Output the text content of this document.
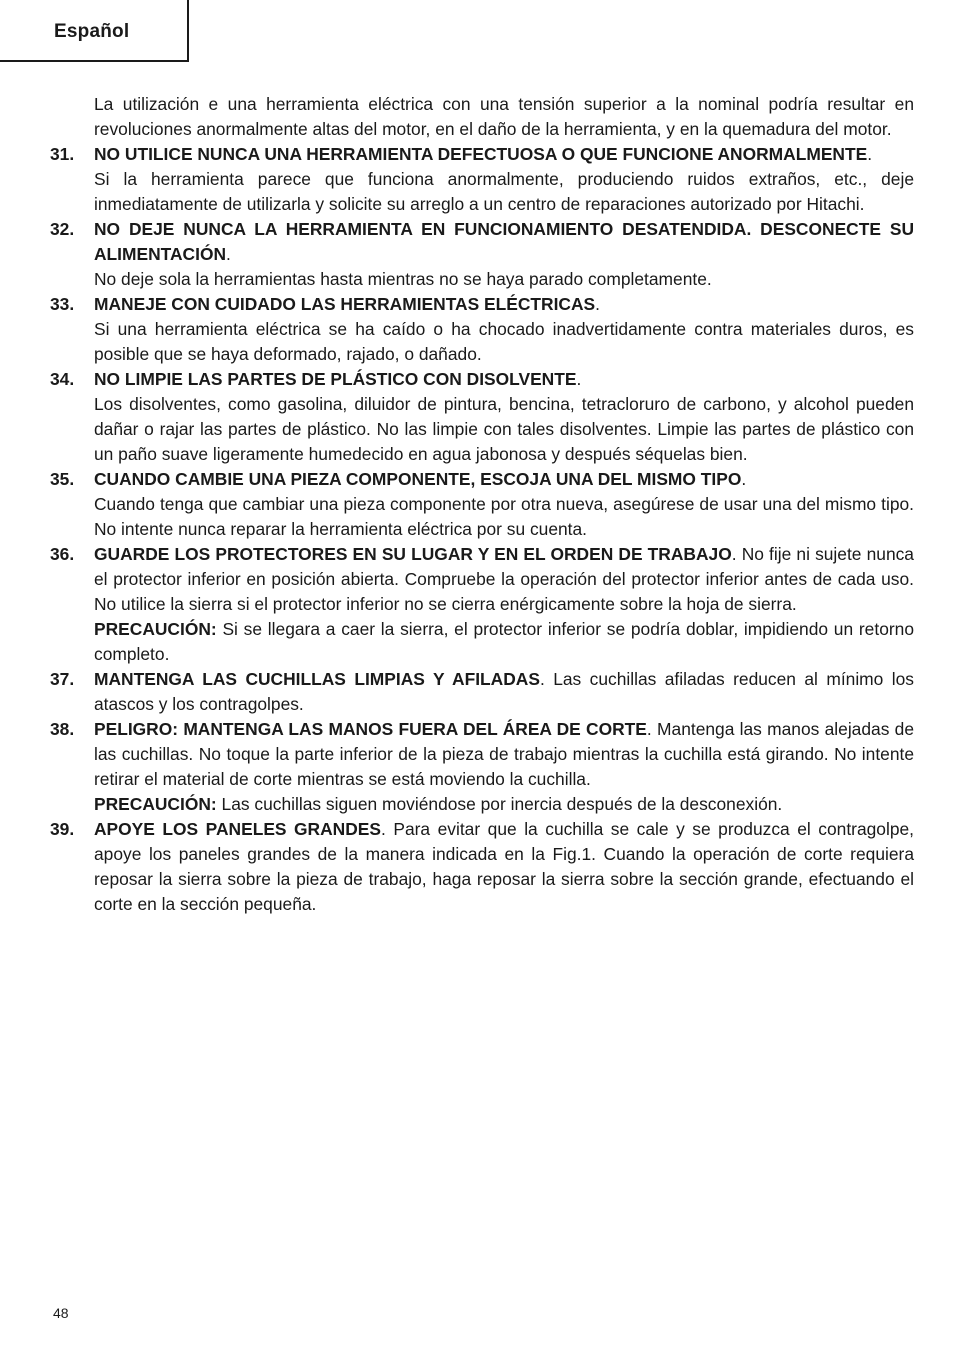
Español
La utilización e una herramienta eléctrica con una tensión superior a la nominal podría resultar en revoluciones anormalmente altas del motor, en el daño de la herramienta, y en la quemadura del motor.
31. NO UTILICE NUNCA UNA HERRAMIENTA DEFECTUOSA O QUE FUNCIONE ANORMALMENTE.
Si la herramienta parece que funciona anormalmente, produciendo ruidos extraños, etc., deje inmediatamente de utilizarla y solicite su arreglo a un centro de reparaciones autorizado por Hitachi.
32. NO DEJE NUNCA LA HERRAMIENTA EN FUNCIONAMIENTO DESATENDIDA. DESCONECTE SU ALIMENTACIÓN.
No deje sola la herramientas hasta mientras no se haya parado completamente.
33. MANEJE CON CUIDADO LAS HERRAMIENTAS ELÉCTRICAS.
Si una herramienta eléctrica se ha caído o ha chocado inadvertidamente contra materiales duros, es posible que se haya deformado, rajado, o dañado.
34. NO LIMPIE LAS PARTES DE PLÁSTICO CON DISOLVENTE.
Los disolventes, como gasolina, diluidor de pintura, bencina, tetracloruro de carbono, y alcohol pueden dañar o rajar las partes de plástico. No las limpie con tales disolventes. Limpie las partes de plástico con un paño suave ligeramente humedecido en agua jabonosa y después séquelas bien.
35. CUANDO CAMBIE UNA PIEZA COMPONENTE, ESCOJA UNA DEL MISMO TIPO.
Cuando tenga que cambiar una pieza componente por otra nueva, asegúrese de usar una del mismo tipo. No intente nunca reparar la herramienta eléctrica por su cuenta.
36. GUARDE LOS PROTECTORES EN SU LUGAR Y EN EL ORDEN DE TRABAJO. No fije ni sujete nunca el protector inferior en posición abierta. Compruebe la operación del protector inferior antes de cada uso. No utilice la sierra si el protector inferior no se cierra enérgicamente sobre la hoja de sierra.
PRECAUCIÓN: Si se llegara a caer la sierra, el protector inferior se podría doblar, impidiendo un retorno completo.
37. MANTENGA LAS CUCHILLAS LIMPIAS Y AFILADAS. Las cuchillas afiladas reducen al mínimo los atascos y los contragolpes.
38. PELIGRO: MANTENGA LAS MANOS FUERA DEL ÁREA DE CORTE. Mantenga las manos alejadas de las cuchillas. No toque la parte inferior de la pieza de trabajo mientras la cuchilla está girando. No intente retirar el material de corte mientras se está moviendo la cuchilla.
PRECAUCIÓN: Las cuchillas siguen moviéndose por inercia después de la desconexión.
39. APOYE LOS PANELES GRANDES. Para evitar que la cuchilla se cale y se produzca el contragolpe, apoye los paneles grandes de la manera indicada en la Fig.1. Cuando la operación de corte requiera reposar la sierra sobre la pieza de trabajo, haga reposar la sierra sobre la sección grande, efectuando el corte en la sección pequeña.
48
